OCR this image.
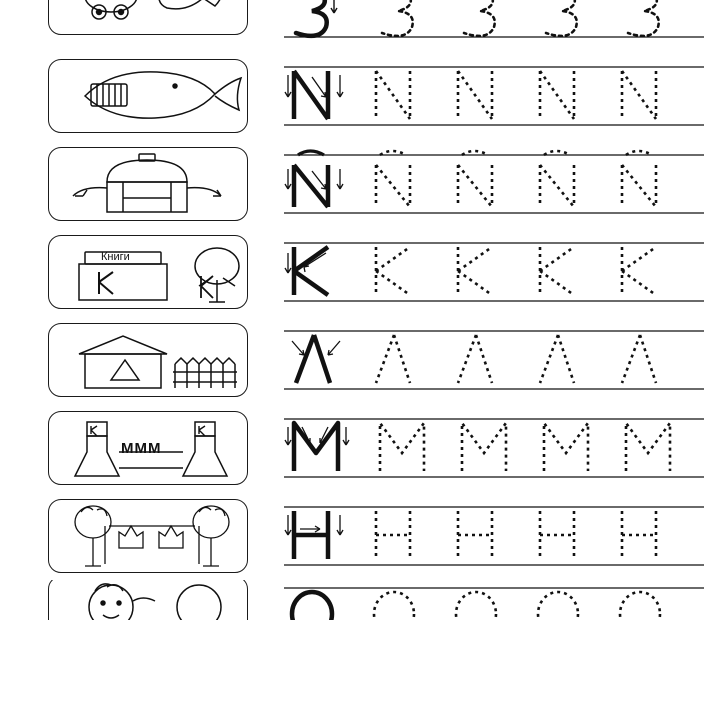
Книги
МММ
